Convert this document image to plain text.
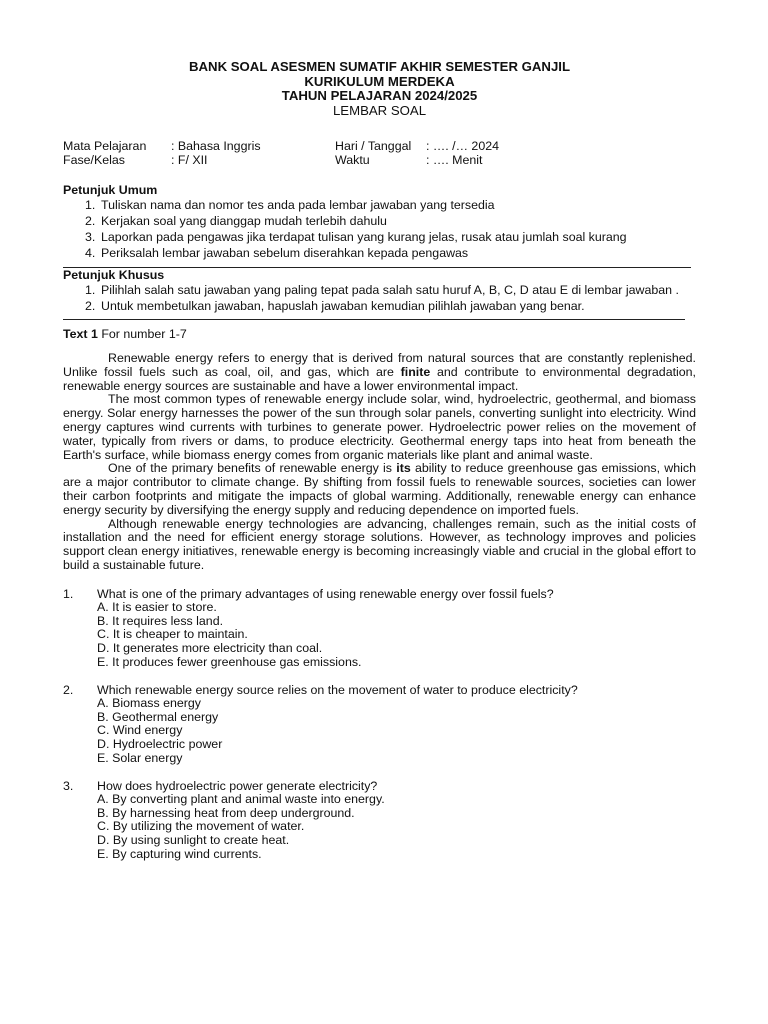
BANK SOAL ASESMEN SUMATIF AKHIR SEMESTER GANJIL
KURIKULUM MERDEKA
TAHUN PELAJARAN 2024/2025
LEMBAR SOAL
Mata Pelajaran	: Bahasa Inggris	Hari / Tanggal	: …. /… 2024
Fase/Kelas	: F/ XII	Waktu	: …. Menit
Petunjuk Umum
1. Tuliskan nama dan nomor tes anda pada lembar jawaban yang tersedia
2. Kerjakan soal yang dianggap mudah terlebih dahulu
3. Laporkan pada pengawas jika terdapat tulisan yang kurang jelas, rusak atau jumlah soal kurang
4. Periksalah lembar jawaban sebelum diserahkan kepada pengawas
Petunjuk Khusus
1. Pilihlah salah satu jawaban yang paling tepat pada salah satu huruf A, B, C, D atau E di lembar jawaban .
2. Untuk membetulkan jawaban, hapuslah jawaban kemudian pilihlah jawaban yang benar.
Text 1 For number 1-7

Renewable energy refers to energy that is derived from natural sources that are constantly replenished. Unlike fossil fuels such as coal, oil, and gas, which are finite and contribute to environmental degradation, renewable energy sources are sustainable and have a lower environmental impact.

The most common types of renewable energy include solar, wind, hydroelectric, geothermal, and biomass energy. Solar energy harnesses the power of the sun through solar panels, converting sunlight into electricity. Wind energy captures wind currents with turbines to generate power. Hydroelectric power relies on the movement of water, typically from rivers or dams, to produce electricity. Geothermal energy taps into heat from beneath the Earth's surface, while biomass energy comes from organic materials like plant and animal waste.

One of the primary benefits of renewable energy is its ability to reduce greenhouse gas emissions, which are a major contributor to climate change. By shifting from fossil fuels to renewable sources, societies can lower their carbon footprints and mitigate the impacts of global warming. Additionally, renewable energy can enhance energy security by diversifying the energy supply and reducing dependence on imported fuels.

Although renewable energy technologies are advancing, challenges remain, such as the initial costs of installation and the need for efficient energy storage solutions. However, as technology improves and policies support clean energy initiatives, renewable energy is becoming increasingly viable and crucial in the global effort to build a sustainable future.

1.	What is one of the primary advantages of using renewable energy over fossil fuels?
A. It is easier to store.
B. It requires less land.
C. It is cheaper to maintain.
D. It generates more electricity than coal.
E. It produces fewer greenhouse gas emissions.
2.	Which renewable energy source relies on the movement of water to produce electricity?
A. Biomass energy
B. Geothermal energy
C. Wind energy
D. Hydroelectric power
E. Solar energy
3.	How does hydroelectric power generate electricity?
A. By converting plant and animal waste into energy.
B. By harnessing heat from deep underground.
C. By utilizing the movement of water.
D. By using sunlight to create heat.
E. By capturing wind currents.
